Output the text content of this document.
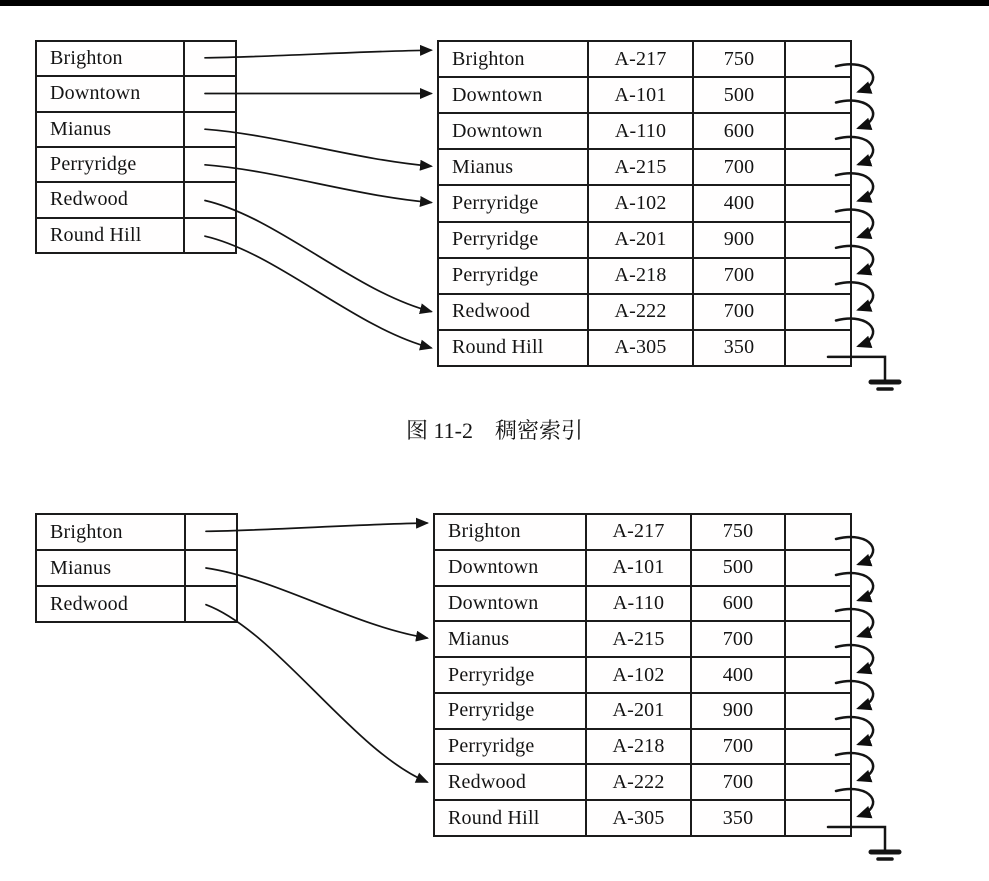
Brighton
Downtown
Mianus
Perryridge
Redwood
Round Hill
Brighton	A-217	750
Downtown	A-101	500
Downtown	A-110	600
Mianus	A-215	700
Perryridge	A-102	400
Perryridge	A-201	900
Perryridge	A-218	700
Redwood	A-222	700
Round Hill	A-305	350
图 11-2 稠密索引
Brighton
Mianus
Redwood
Brighton	A-217	750
Downtown	A-101	500
Downtown	A-110	600
Mianus	A-215	700
Perryridge	A-102	400
Perryridge	A-201	900
Perryridge	A-218	700
Redwood	A-222	700
Round Hill	A-305	350
